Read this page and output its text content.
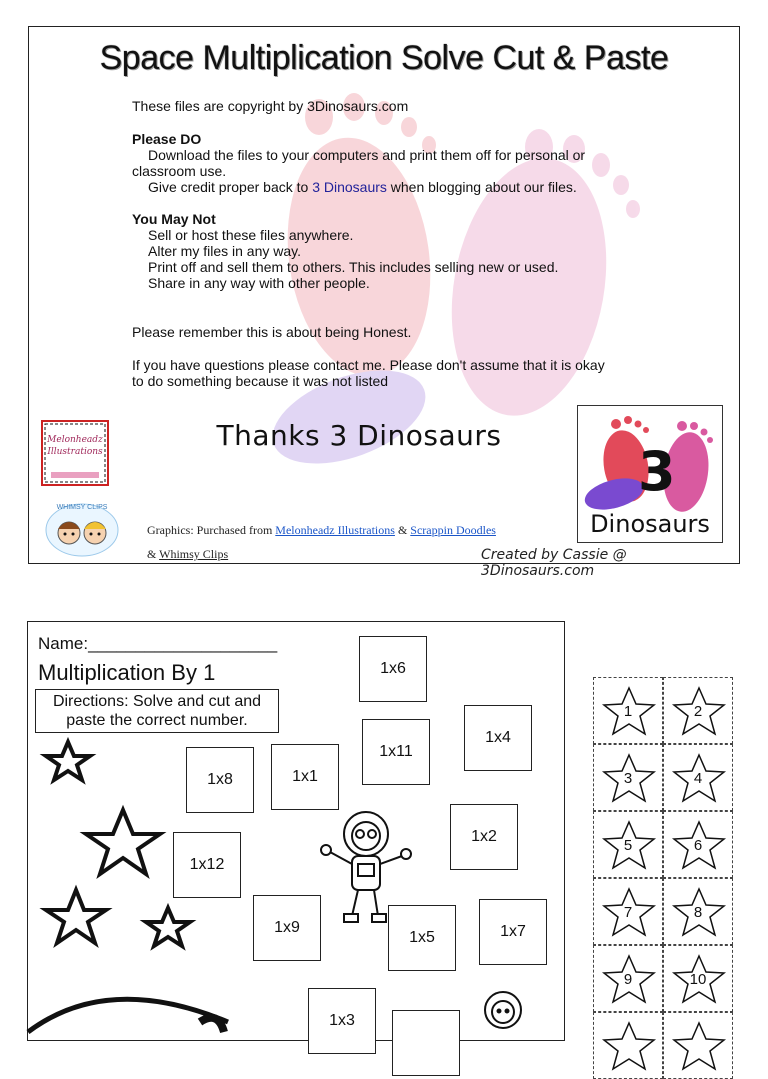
Space Multiplication Solve Cut & Paste
These files are copyright by 3Dinosaurs.com
Please DO
Download the files to your computers and print them off for personal or
classroom use.
Give credit proper back to 3 Dinosaurs when blogging about our files.
You May Not
Sell or host these files anywhere.
Alter my files in any way.
Print off and sell them to others. This includes selling new or used.
Share in any way with other people.
Please remember this is about being Honest.
If you have questions please contact me. Please don't assume that it is okay
to do something because it was not listed
Thanks 3 Dinosaurs
Melonheadz Illustrations
WHIMSY CLIPS
3
Dinosaurs
Graphics: Purchased from Melonheadz Illustrations & Scrappin Doodles
& Whimsy Clips	Created by Cassie @ 3Dinosaurs.com
Name:____________________
Multiplication By 1
Directions: Solve and cut and paste the correct number.
1x6
1x11
1x4
1x8	1x1
1x2
1x12
1x9
1x5	1x7
1x3
1	2
3	4
5	6
7	8
9	10
